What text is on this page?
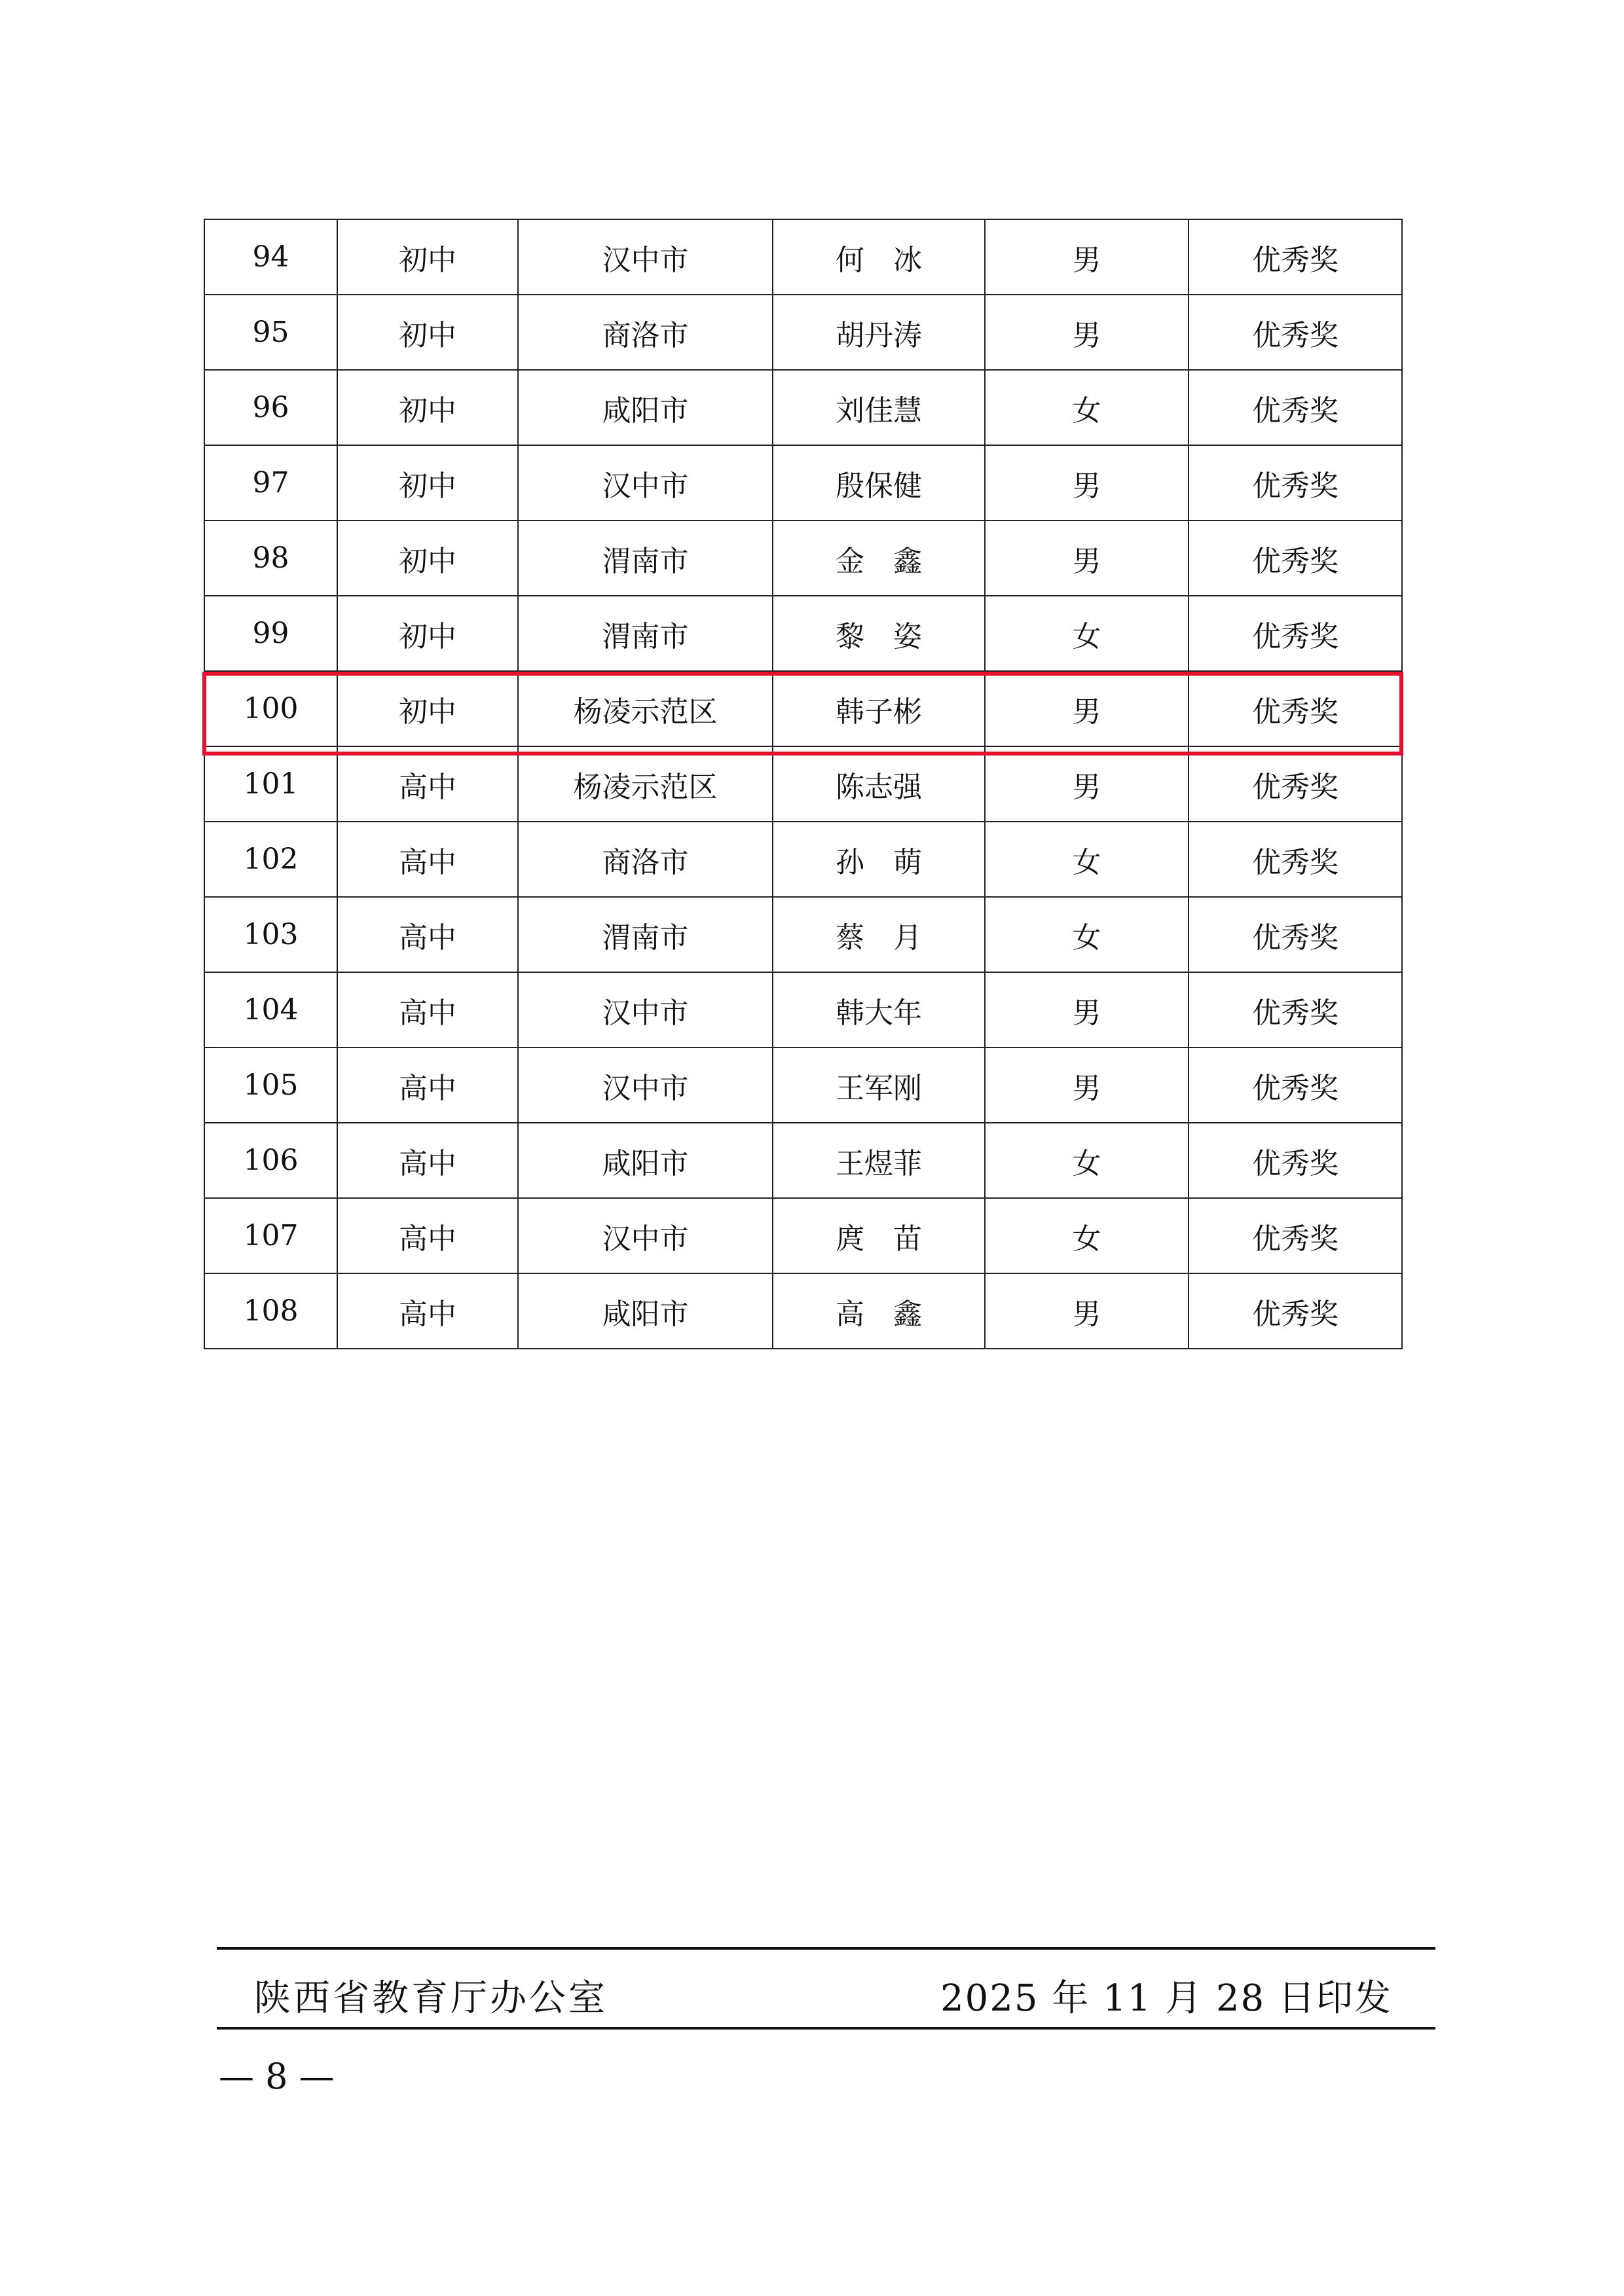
94	初中	汉中市	何　冰	男	优秀奖
95	初中	商洛市	胡丹涛	男	优秀奖
96	初中	咸阳市	刘佳慧	女	优秀奖
97	初中	汉中市	殷保健	男	优秀奖
98	初中	渭南市	金　鑫	男	优秀奖
99	初中	渭南市	黎　姿	女	优秀奖
100	初中	杨凌示范区	韩子彬	男	优秀奖
101	高中	杨凌示范区	陈志强	男	优秀奖
102	高中	商洛市	孙　萌	女	优秀奖
103	高中	渭南市	蔡　月	女	优秀奖
104	高中	汉中市	韩大年	男	优秀奖
105	高中	汉中市	王军刚	男	优秀奖
106	高中	咸阳市	王煜菲	女	优秀奖
107	高中	汉中市	庹　苗	女	优秀奖
108	高中	咸阳市	高　鑫	男	优秀奖
陕西省教育厅办公室	2025 年 11 月 28 日印发
— 8 —
